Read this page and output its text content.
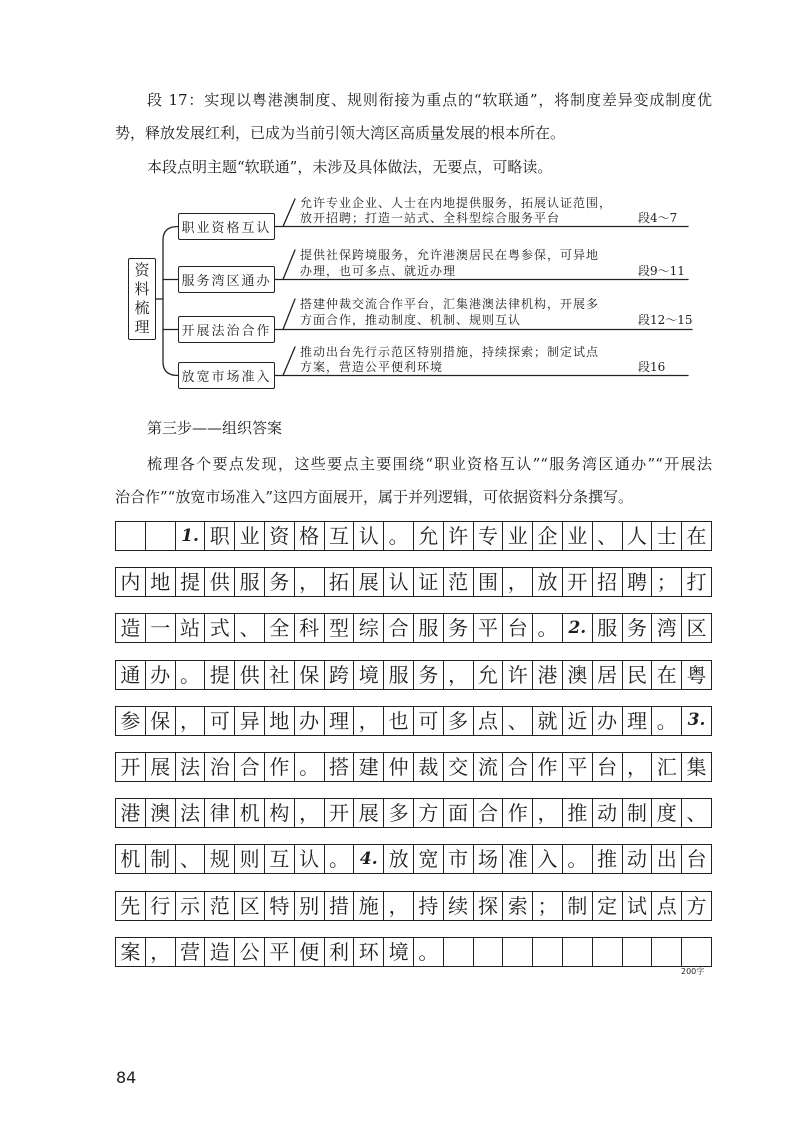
段 17：实现以粤港澳制度、规则衔接为重点的“软联通”，将制度差异变成制度优
势，释放发展红利，已成为当前引领大湾区高质量发展的根本所在。
本段点明主题“软联通”，未涉及具体做法，无要点，可略读。
资料梳理
职业资格互认
允许专业企业、人士在内地提供服务，拓展认证范围，
放开招聘；打造一站式、全科型综合服务平台	段4～7
服务湾区通办
提供社保跨境服务，允许港澳居民在粤参保，可异地
办理，也可多点、就近办理	段9～11
开展法治合作
搭建仲裁交流合作平台，汇集港澳法律机构，开展多
方面合作，推动制度、机制、规则互认	段12～15
放宽市场准入
推动出台先行示范区特别措施，持续探索；制定试点
方案，营造公平便利环境	段16
第三步——组织答案
梳理各个要点发现，这些要点主要围绕“职业资格互认”“服务湾区通办”“开展法
治合作”“放宽市场准入”这四方面展开，属于并列逻辑，可依据资料分条撰写。
1. 职 业 资 格 互 认 。 允 许 专 业 企 业 、 人 士 在
内 地 提 供 服 务 ， 拓 展 认 证 范 围 ， 放 开 招 聘 ； 打
造 一 站 式 、 全 科 型 综 合 服 务 平 台 。 2. 服 务 湾 区
通 办 。 提 供 社 保 跨 境 服 务 ， 允 许 港 澳 居 民 在 粤
参 保 ， 可 异 地 办 理 ， 也 可 多 点 、 就 近 办 理 。 3.
开 展 法 治 合 作 。 搭 建 仲 裁 交 流 合 作 平 台 ， 汇 集
港 澳 法 律 机 构 ， 开 展 多 方 面 合 作 ， 推 动 制 度 、
机 制 、 规 则 互 认 。 4. 放 宽 市 场 准 入 。 推 动 出 台
先 行 示 范 区 特 别 措 施 ， 持 续 探 索 ； 制 定 试 点 方
案 ， 营 造 公 平 便 利 环 境 。
200字
84
